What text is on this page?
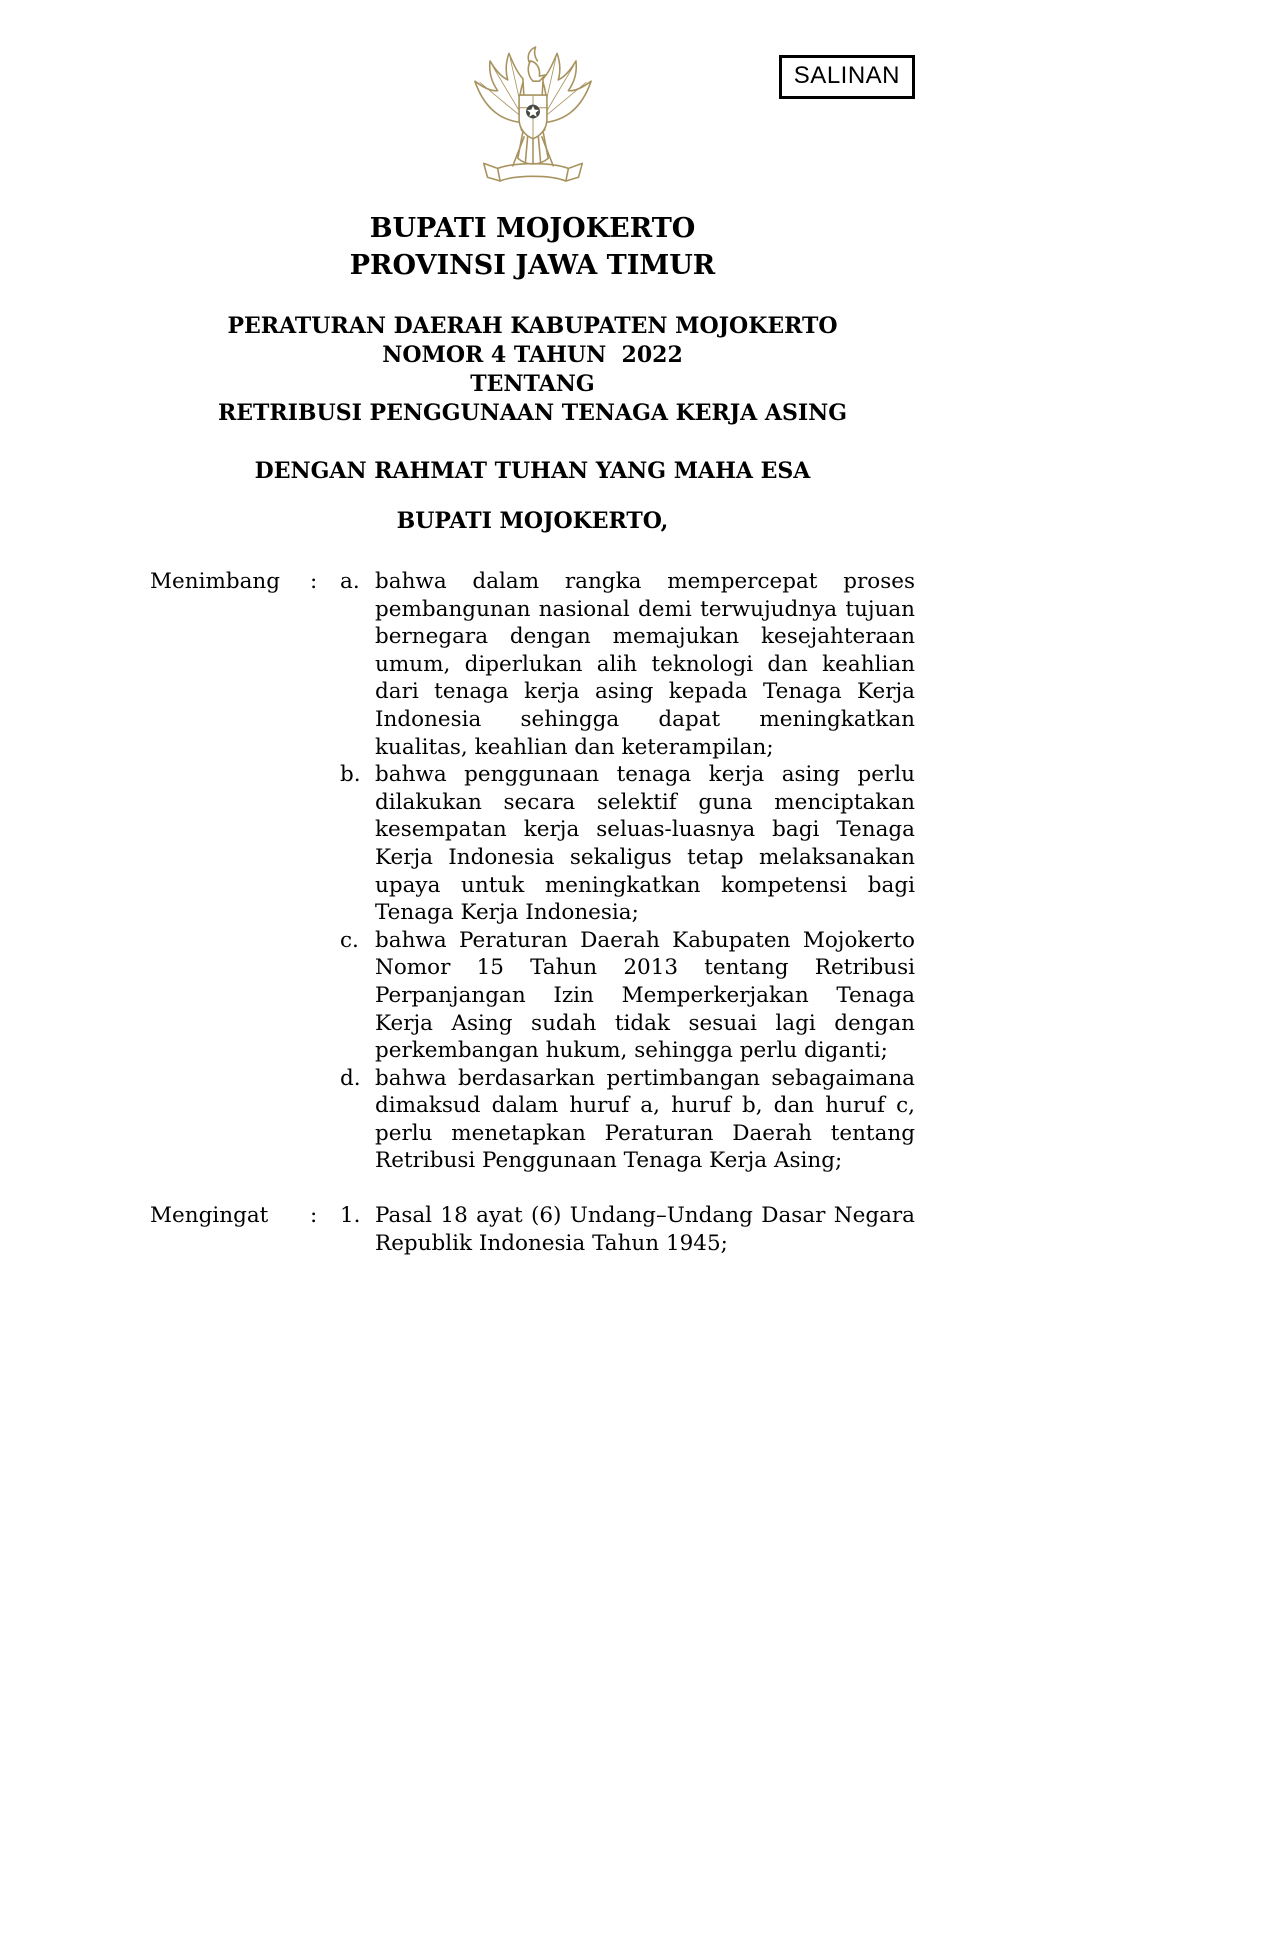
SALINAN
BUPATI MOJOKERTO
PROVINSI JAWA TIMUR
PERATURAN DAERAH KABUPATEN MOJOKERTO
NOMOR 4 TAHUN  2022
TENTANG
RETRIBUSI PENGGUNAAN TENAGA KERJA ASING
DENGAN RAHMAT TUHAN YANG MAHA ESA
BUPATI MOJOKERTO,
Menimbang	:	a. bahwa dalam rangka mempercepat proses pembangunan nasional demi terwujudnya tujuan bernegara dengan memajukan kesejahteraan umum, diperlukan alih teknologi dan keahlian dari tenaga kerja asing kepada Tenaga Kerja Indonesia sehingga dapat meningkatkan kualitas, keahlian dan keterampilan;
b. bahwa penggunaan tenaga kerja asing perlu dilakukan secara selektif guna menciptakan kesempatan kerja seluas-luasnya bagi Tenaga Kerja Indonesia sekaligus tetap melaksanakan upaya untuk meningkatkan kompetensi bagi Tenaga Kerja Indonesia;
c. bahwa Peraturan Daerah Kabupaten Mojokerto Nomor 15 Tahun 2013 tentang Retribusi Perpanjangan Izin Memperkerjakan Tenaga Kerja Asing sudah tidak sesuai lagi dengan perkembangan hukum, sehingga perlu diganti;
d. bahwa berdasarkan pertimbangan sebagaimana dimaksud dalam huruf a, huruf b, dan huruf c, perlu menetapkan Peraturan Daerah tentang Retribusi Penggunaan Tenaga Kerja Asing;
Mengingat	:	1. Pasal 18 ayat (6) Undang–Undang Dasar Negara Republik Indonesia Tahun 1945;
